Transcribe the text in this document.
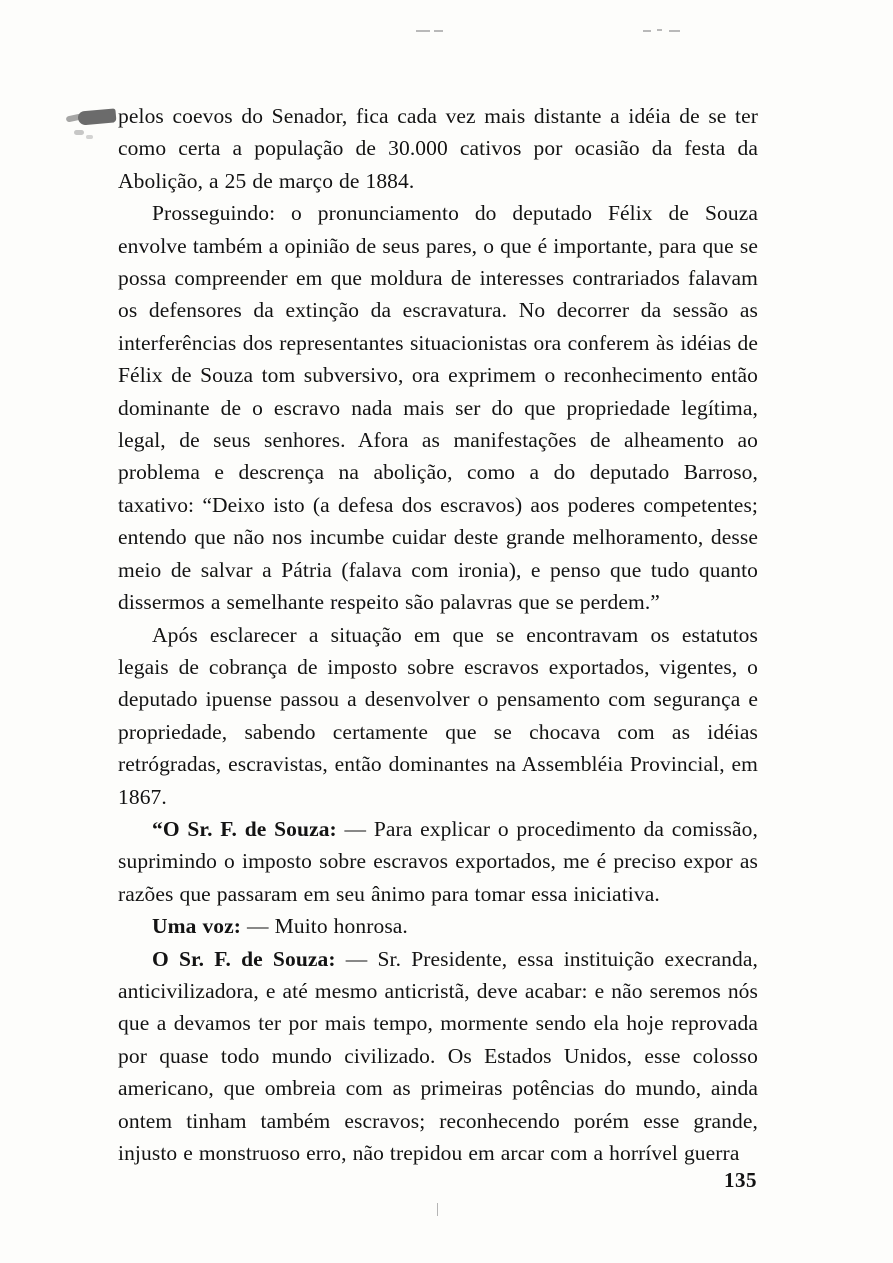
pelos coevos do Senador, fica cada vez mais distante a idéia de se ter como certa a população de 30.000 cativos por ocasião da festa da Abolição, a 25 de março de 1884.

Prosseguindo: o pronunciamento do deputado Félix de Souza envolve também a opinião de seus pares, o que é importante, para que se possa compreender em que moldura de interesses contrariados falavam os defensores da extinção da escravatura. No decorrer da sessão as interferências dos representantes situacionistas ora conferem às idéias de Félix de Souza tom subversivo, ora exprimem o reconhecimento então dominante de o escravo nada mais ser do que propriedade legítima, legal, de seus senhores. Afora as manifestações de alheamento ao problema e descrença na abolição, como a do deputado Barroso, taxativo: “Deixo isto (a defesa dos escravos) aos poderes competentes; entendo que não nos incumbe cuidar deste grande melhoramento, desse meio de salvar a Pátria (falava com ironia), e penso que tudo quanto dissermos a semelhante respeito são palavras que se perdem.”

Após esclarecer a situação em que se encontravam os estatutos legais de cobrança de imposto sobre escravos exportados, vigentes, o deputado ipuense passou a desenvolver o pensamento com segurança e propriedade, sabendo certamente que se chocava com as idéias retrógradas, escravistas, então dominantes na Assembléia Provincial, em 1867.

“O Sr. F. de Souza: — Para explicar o procedimento da comissão, suprimindo o imposto sobre escravos exportados, me é preciso expor as razões que passaram em seu ânimo para tomar essa iniciativa.

Uma voz: — Muito honrosa.

O Sr. F. de Souza: — Sr. Presidente, essa instituição execranda, anticivilizadora, e até mesmo anticristã, deve acabar: e não seremos nós que a devamos ter por mais tempo, mormente sendo ela hoje reprovada por quase todo mundo civilizado. Os Estados Unidos, esse colosso americano, que ombreia com as primeiras potências do mundo, ainda ontem tinham também escravos; reconhecendo porém esse grande, injusto e monstruoso erro, não trepidou em arcar com a horrível guerra

135
